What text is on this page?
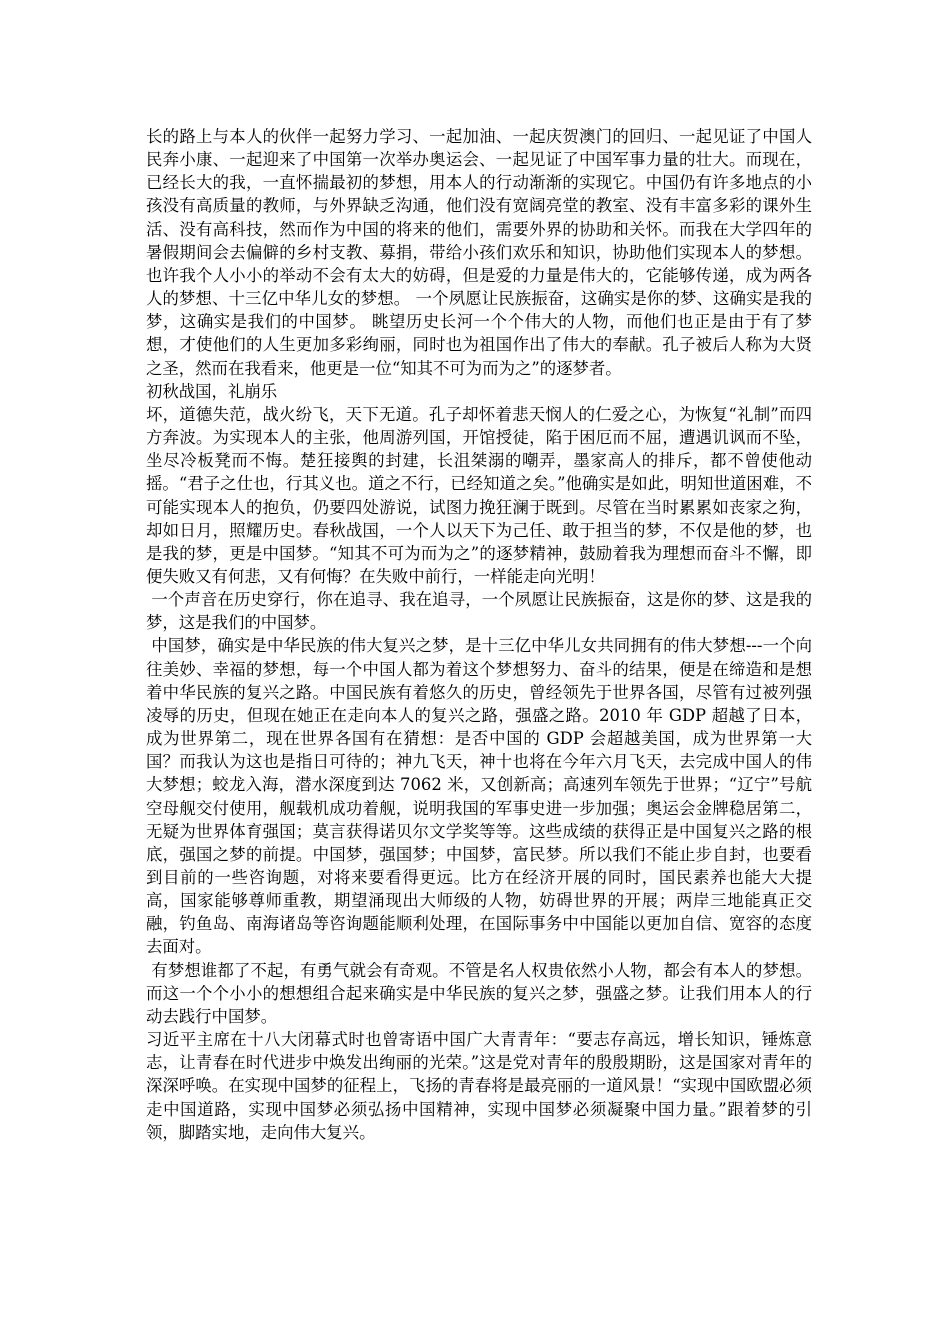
长的路上与本人的伙伴一起努力学习、一起加油、一起庆贺澳门的回归、一起见证了中国人民奔小康、一起迎来了中国第一次举办奥运会、一起见证了中国军事力量的壮大。而现在，已经长大的我，一直怀揣最初的梦想，用本人的行动渐渐的实现它。中国仍有许多地点的小孩没有高质量的教师，与外界缺乏沟通，他们没有宽阔亮堂的教室、没有丰富多彩的课外生活、没有高科技，然而作为中国的将来的他们，需要外界的协助和关怀。而我在大学四年的暑假期间会去偏僻的乡村支教、募捐，带给小孩们欢乐和知识，协助他们实现本人的梦想。也许我个人小小的举动不会有太大的妨碍，但是爱的力量是伟大的，它能够传递，成为两各人的梦想、十三亿中华儿女的梦想。 一个夙愿让民族振奋，这确实是你的梦、这确实是我的梦，这确实是我们的中国梦。 眺望历史长河一个个伟大的人物，而他们也正是由于有了梦想，才使他们的人生更加多彩绚丽，同时也为祖国作出了伟大的奉献。孔子被后人称为大贤之圣，然而在我看来，他更是一位“知其不可为而为之”的逐梦者。

初秋战国，礼崩乐

坏，道德失范，战火纷飞，天下无道。孔子却怀着悲天悯人的仁爱之心，为恢复“礼制”而四方奔波。为实现本人的主张，他周游列国，开馆授徒，陷于困厄而不屈，遭遇讥讽而不坠，坐尽冷板凳而不悔。楚狂接舆的封建，长沮桀溺的嘲弄，墨家高人的排斥，都不曾使他动摇。“君子之仕也，行其义也。道之不行，已经知道之矣。”他确实是如此，明知世道困难，不可能实现本人的抱负，仍要四处游说，试图力挽狂澜于既到。尽管在当时累累如丧家之狗，却如日月，照耀历史。春秋战国，一个人以天下为己任、敢于担当的梦，不仅是他的梦，也是我的梦，更是中国梦。“知其不可为而为之”的逐梦精神，鼓励着我为理想而奋斗不懈，即便失败又有何悲，又有何悔？在失败中前行，一样能走向光明！

一个声音在历史穿行，你在追寻、我在追寻，一个夙愿让民族振奋，这是你的梦、这是我的梦，这是我们的中国梦。

中国梦，确实是中华民族的伟大复兴之梦，是十三亿中华儿女共同拥有的伟大梦想---一个向往美妙、幸福的梦想，每一个中国人都为着这个梦想努力、奋斗的结果，便是在缔造和是想着中华民族的复兴之路。中国民族有着悠久的历史，曾经领先于世界各国，尽管有过被列强凌辱的历史，但现在她正在走向本人的复兴之路，强盛之路。2010 年 GDP 超越了日本，成为世界第二，现在世界各国有在猜想：是否中国的 GDP 会超越美国，成为世界第一大国？而我认为这也是指日可待的；神九飞天，神十也将在今年六月飞天，去完成中国人的伟大梦想；蛟龙入海，潜水深度到达 7062 米，又创新高；高速列车领先于世界；“辽宁”号航空母舰交付使用，舰载机成功着舰，说明我国的军事史进一步加强；奥运会金牌稳居第二，无疑为世界体育强国；莫言获得诺贝尔文学奖等等。这些成绩的获得正是中国复兴之路的根底，强国之梦的前提。中国梦，强国梦；中国梦，富民梦。所以我们不能止步自封，也要看到目前的一些咨询题，对将来要看得更远。比方在经济开展的同时，国民素养也能大大提高，国家能够尊师重教，期望涌现出大师级的人物，妨碍世界的开展；两岸三地能真正交融，钓鱼岛、南海诸岛等咨询题能顺利处理，在国际事务中中国能以更加自信、宽容的态度去面对。

有梦想谁都了不起，有勇气就会有奇观。不管是名人权贵依然小人物，都会有本人的梦想。而这一个个小小的想想组合起来确实是中华民族的复兴之梦，强盛之梦。让我们用本人的行动去践行中国梦。

习近平主席在十八大闭幕式时也曾寄语中国广大青青年：“要志存高远，增长知识，锤炼意志，让青春在时代进步中焕发出绚丽的光荣。”这是党对青年的殷殷期盼，这是国家对青年的深深呼唤。在实现中国梦的征程上，飞扬的青春将是最亮丽的一道风景！“实现中国欧盟必须走中国道路，实现中国梦必须弘扬中国精神，实现中国梦必须凝聚中国力量。”跟着梦的引领，脚踏实地，走向伟大复兴。
